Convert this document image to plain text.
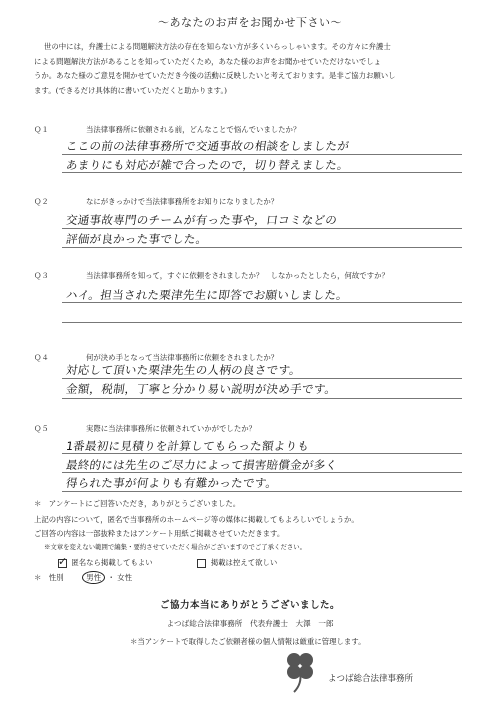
～あなたのお声をお聞かせ下さい～

世の中には，弁護士による問題解決方法の存在を知らない方が多くいらっしゃいます。その方々に弁護士

による問題解決方法があることを知っていただくため，あなた様のお声をお聞かせていただけないでしょ
うか。あなた様のご意見を開かせていただき今後の活動に反映したいと考えております。是非ご協力お願いし
ます。(できるだけ具体的に書いていただくと助かります。)
Ｑ１	当法律事務所に依頼される前，どんなことで悩んでいましたか？
ここの前の法律事務所で交通事故の相談をしましたが
あまりにも対応が雑で合ったので，切り替えました。
Ｑ２	なにがきっかけで当法律事務所をお知りになりましたか？
交通事故専門のチームが有った事や，口コミなどの
評価が良かった事でした。
Ｑ３	当法律事務所を知って，すぐに依頼をされましたか？　しなかったとしたら，何故ですか？
ハイ。担当された栗津先生に即答でお願いしました。
Ｑ４	何が決め手となって当法律事務所に依頼をされましたか？
対応して頂いた栗津先生の人柄の良さです。
金額，税制，丁寧と分かり易い説明が決め手です。
Ｑ５	実際に当法律事務所に依頼されていかがでしたか？
1番最初に見積りを計算してもらった額よりも
最終的には先生のご尽力によって損害賠償金が多く
得られた事が何よりも有難かったです。
＊　アンケートにご回答いただき，ありがとうございました。
上記の内容について，匿名で当事務所のホームページ等の媒体に掲載してもよろしいでしょうか。
ご回答の内容は一部抜粋またはアンケート用紙ご掲載させていただきます。
※文章を変えない範囲で編集・要約させていただく場合がございますのでご了承ください。
✓ 匿名なら掲載してもよい	掲載は控えて欲しい
＊　性別	男性 ・ 女性
ご協力本当にありがとうございました。
よつば総合法律事務所　代表弁護士　大澤　一郎
＊当アンケートで取得したご依頼者様の個人情報は厳重に管理します。
よつば総合法律事務所
